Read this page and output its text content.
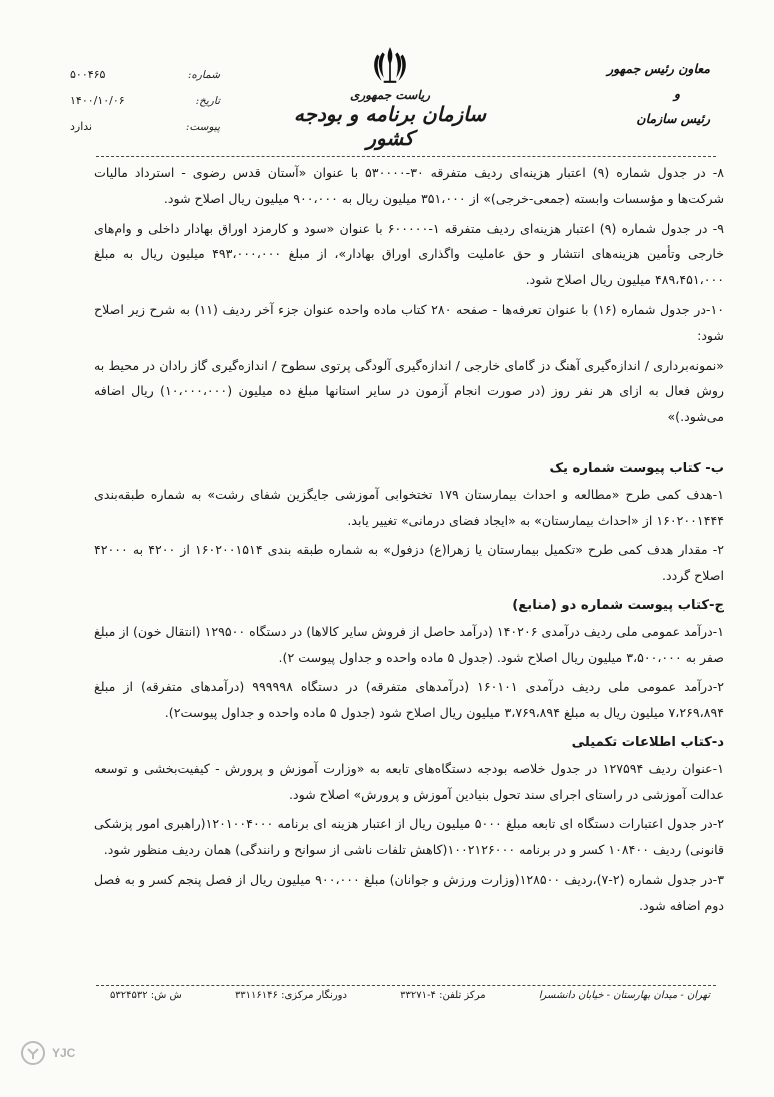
معاون رئیس جمهور
و
رئیس سازمان
ریاست جمهوری
سازمان برنامه و بودجه کشور
شماره:
۵۰۰۴۶۵
تاریخ:
۱۴۰۰/۱۰/۰۶
پیوست:
ندارد

۸- در جدول شماره (۹) اعتبار هزینه‌ای ردیف متفرقه ۳۰-۵۳۰۰۰۰ با عنوان «آستان قدس رضوی - استرداد مالیات شرکت‌ها و مؤسسات وابسته (جمعی-خرجی)» از ۳۵۱،۰۰۰ میلیون ریال به ۹۰۰،۰۰۰ میلیون ریال اصلاح شود.

۹- در جدول شماره (۹) اعتبار هزینه‌ای ردیف متفرقه ۱-۶۰۰۰۰۰ با عنوان «سود و کارمزد اوراق بهادار داخلی و وام‌های خارجی وتأمین هزینه‌های انتشار و حق عاملیت واگذاری اوراق بهادار»، از مبلغ ۴۹۳،۰۰۰،۰۰۰ میلیون ریال به مبلغ ۴۸۹،۴۵۱،۰۰۰ میلیون ریال اصلاح شود.

۱۰-در جدول شماره (۱۶) با عنوان تعرفه‌ها - صفحه ۲۸۰ کتاب ماده واحده عنوان جزء آخر ردیف (۱۱) به شرح زیر اصلاح شود:

«نمونه‌برداری / اندازه‌گیری آهنگ دز گامای خارجی / اندازه‌گیری آلودگی پرتوی سطوح / اندازه‌گیری گاز رادان در محیط به روش فعال به ازای هر نفر روز (در صورت انجام آزمون در سایر استانها مبلغ ده میلیون (۱۰،۰۰۰،۰۰۰) ریال اضافه می‌شود.)»

ب- کتاب پیوست شماره یک

۱-هدف کمی طرح «مطالعه و احداث بیمارستان ۱۷۹ تختخوابی آموزشی جایگزین شفای رشت» به شماره طبقه‌بندی ۱۶۰۲۰۰۱۴۴۴ از «احداث بیمارستان» به «ایجاد فضای درمانی» تغییر یابد.

۲- مقدار هدف کمی طرح «تکمیل بیمارستان یا زهرا(ع) دزفول» به شماره طبقه بندی ۱۶۰۲۰۰۱۵۱۴ از ۴۲۰۰ به ۴۲۰۰۰ اصلاح گردد.

ج-کتاب پیوست شماره دو (منابع)

۱-درآمد عمومی ملی ردیف درآمدی ۱۴۰۲۰۶ (درآمد حاصل از فروش سایر کالاها) در دستگاه ۱۲۹۵۰۰ (انتقال خون) از مبلغ صفر به ۳،۵۰۰،۰۰۰ میلیون ریال اصلاح شود. (جدول ۵ ماده واحده و جداول پیوست ۲).

۲-درآمد عمومی ملی ردیف درآمدی ۱۶۰۱۰۱ (درآمدهای متفرقه) در دستگاه ۹۹۹۹۹۸ (درآمدهای متفرقه) از مبلغ ۷،۲۶۹،۸۹۴ میلیون ریال به مبلغ ۳،۷۶۹،۸۹۴ میلیون ریال اصلاح شود (جدول ۵ ماده واحده و جداول پیوست۲).

د-کتاب اطلاعات تکمیلی

۱-عنوان ردیف ۱۲۷۵۹۴ در جدول خلاصه بودجه دستگاه‌های تابعه به «وزارت آموزش و پرورش - کیفیت‌بخشی و توسعه عدالت آموزشی در راستای اجرای سند تحول بنیادین آموزش و پرورش» اصلاح شود.

۲-در جدول اعتبارات دستگاه ای تابعه مبلغ ۵۰۰۰ میلیون ریال از اعتبار هزینه ای برنامه ۱۲۰۱۰۰۴۰۰۰(راهبری امور پزشکی قانونی) ردیف ۱۰۸۴۰۰ کسر و در برنامه ۱۰۰۲۱۲۶۰۰۰(کاهش تلفات ناشی از سوانح و رانندگی) همان ردیف منظور شود.

۳-در جدول شماره (۲-۷)،ردیف ۱۲۸۵۰۰(وزارت ورزش و جوانان) مبلغ ۹۰۰،۰۰۰ میلیون ریال از فصل پنجم کسر و به فصل دوم اضافه شود.

تهران - میدان بهارستان - خیابان دانشسرا
مرکز تلفن: ۴-۳۳۲۷۱
دورنگار مرکزی: ۳۳۱۱۶۱۴۶
ش ش: ۵۳۲۴۵۳۲
YJC
